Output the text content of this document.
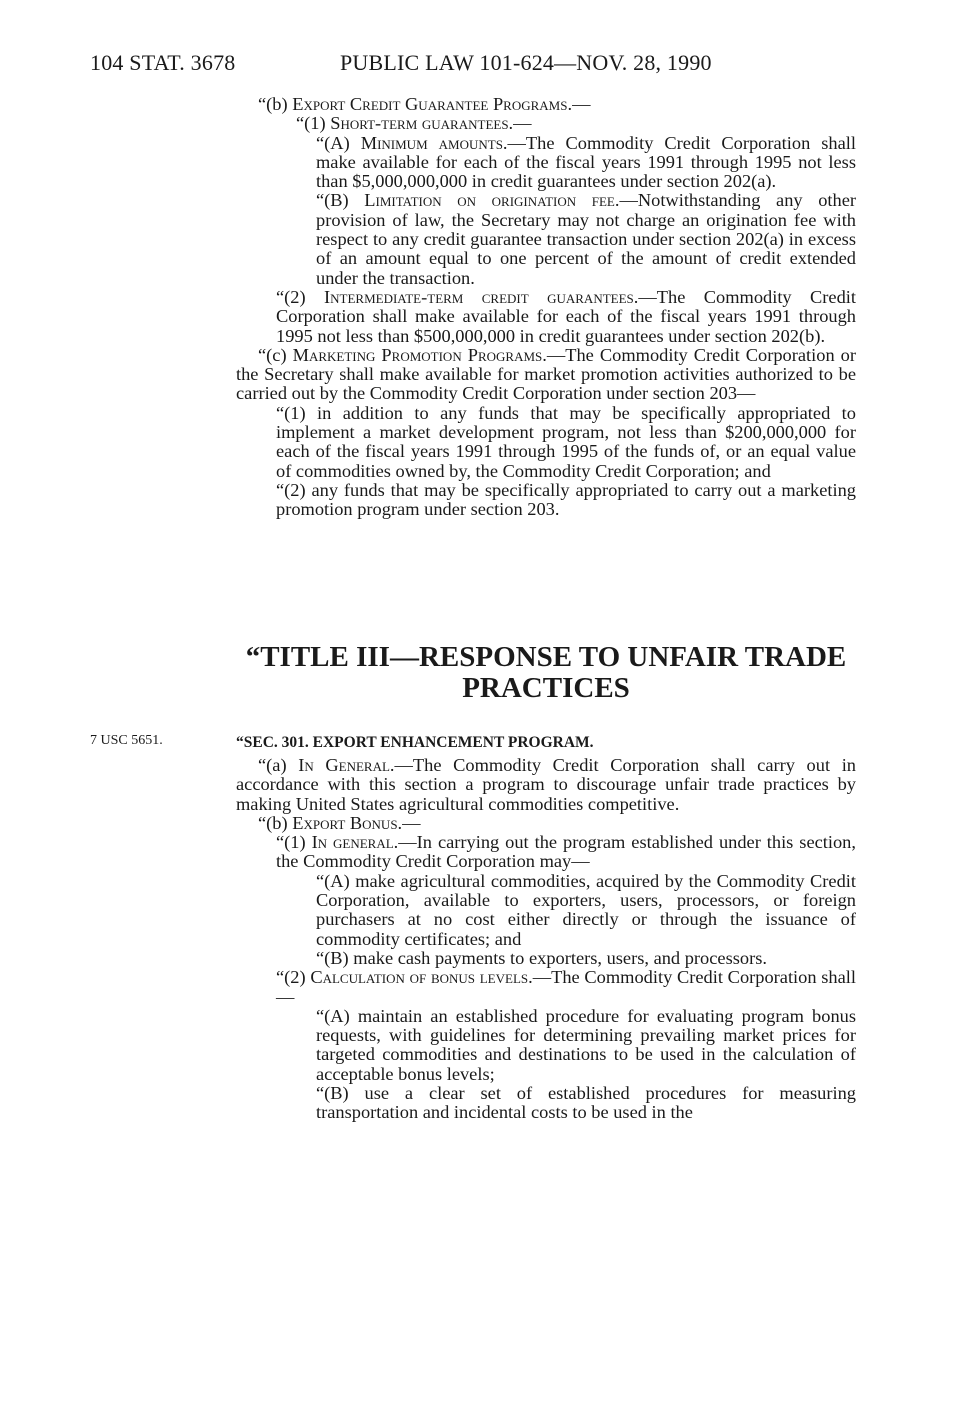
104 STAT. 3678	PUBLIC LAW 101-624—NOV. 28, 1990
“(b) Export Credit Guarantee Programs.—
“(1) Short-term guarantees.—
“(A) Minimum amounts.—The Commodity Credit Corporation shall make available for each of the fiscal years 1991 through 1995 not less than $5,000,000,000 in credit guarantees under section 202(a).
“(B) Limitation on origination fee.—Notwithstanding any other provision of law, the Secretary may not charge an origination fee with respect to any credit guarantee transaction under section 202(a) in excess of an amount equal to one percent of the amount of credit extended under the transaction.
“(2) Intermediate-term credit guarantees.—The Commodity Credit Corporation shall make available for each of the fiscal years 1991 through 1995 not less than $500,000,000 in credit guarantees under section 202(b).
“(c) Marketing Promotion Programs.—The Commodity Credit Corporation or the Secretary shall make available for market promotion activities authorized to be carried out by the Commodity Credit Corporation under section 203—
“(1) in addition to any funds that may be specifically appropriated to implement a market development program, not less than $200,000,000 for each of the fiscal years 1991 through 1995 of the funds of, or an equal value of commodities owned by, the Commodity Credit Corporation; and
“(2) any funds that may be specifically appropriated to carry out a marketing promotion program under section 203.
“TITLE III—RESPONSE TO UNFAIR TRADE
PRACTICES
7 USC 5651.	“SEC. 301. EXPORT ENHANCEMENT PROGRAM.
“(a) In General.—The Commodity Credit Corporation shall carry out in accordance with this section a program to discourage unfair trade practices by making United States agricultural commodities competitive.
“(b) Export Bonus.—
“(1) In general.—In carrying out the program established under this section, the Commodity Credit Corporation may—
“(A) make agricultural commodities, acquired by the Commodity Credit Corporation, available to exporters, users, processors, or foreign purchasers at no cost either directly or through the issuance of commodity certificates; and
“(B) make cash payments to exporters, users, and processors.
“(2) Calculation of bonus levels.—The Commodity Credit Corporation shall—
“(A) maintain an established procedure for evaluating program bonus requests, with guidelines for determining prevailing market prices for targeted commodities and destinations to be used in the calculation of acceptable bonus levels;
“(B) use a clear set of established procedures for measuring transportation and incidental costs to be used in the
